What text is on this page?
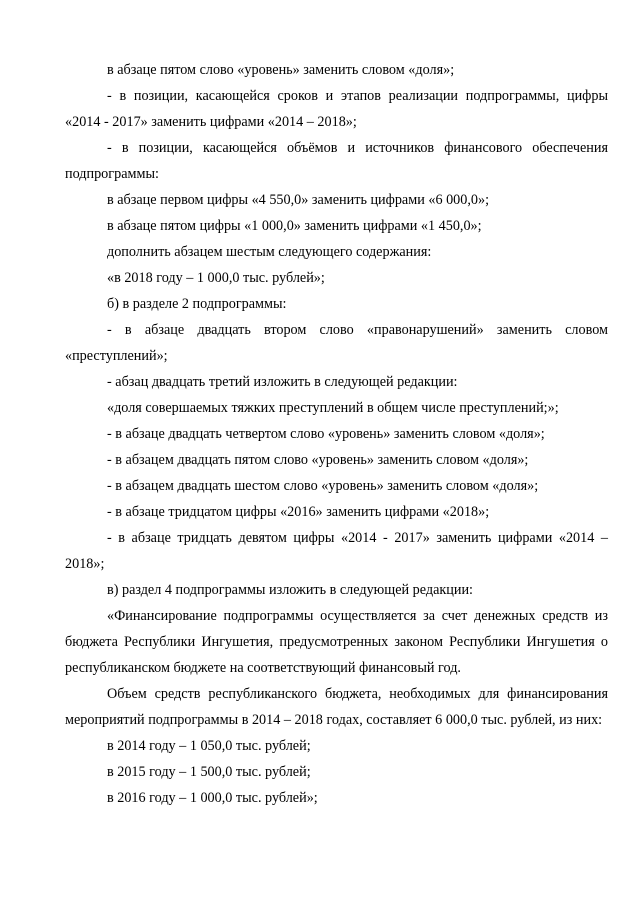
в абзаце пятом слово «уровень» заменить словом «доля»;

- в позиции, касающейся сроков и этапов реализации подпрограммы, цифры «2014 - 2017» заменить цифрами «2014 – 2018»;

- в позиции, касающейся объёмов и источников финансового обеспечения подпрограммы:

в абзаце первом цифры «4 550,0» заменить цифрами «6 000,0»;

в абзаце пятом цифры «1 000,0» заменить цифрами «1 450,0»;

дополнить абзацем шестым следующего содержания:

«в 2018 году – 1 000,0 тыс. рублей»;

б) в разделе 2 подпрограммы:

- в абзаце двадцать втором слово «правонарушений» заменить словом «преступлений»;

- абзац двадцать третий изложить в следующей редакции:

«доля совершаемых тяжких преступлений в общем числе преступлений;»;

- в абзаце двадцать четвертом слово «уровень» заменить словом «доля»;

- в абзацем двадцать пятом слово «уровень» заменить словом «доля»;

- в абзацем двадцать шестом слово «уровень» заменить словом «доля»;

- в абзаце тридцатом цифры «2016» заменить цифрами «2018»;

- в абзаце тридцать девятом цифры «2014 - 2017» заменить цифрами «2014 – 2018»;

в) раздел 4 подпрограммы изложить в следующей редакции:

«Финансирование подпрограммы осуществляется за счет денежных средств из бюджета Республики Ингушетия, предусмотренных законом Республики Ингушетия о республиканском бюджете на соответствующий финансовый год.

Объем средств республиканского бюджета, необходимых для финансирования мероприятий подпрограммы в 2014 – 2018 годах, составляет 6 000,0 тыс. рублей, из них:

в 2014 году – 1 050,0 тыс. рублей;

в 2015 году – 1 500,0 тыс. рублей;

в 2016 году – 1 000,0 тыс. рублей»;
